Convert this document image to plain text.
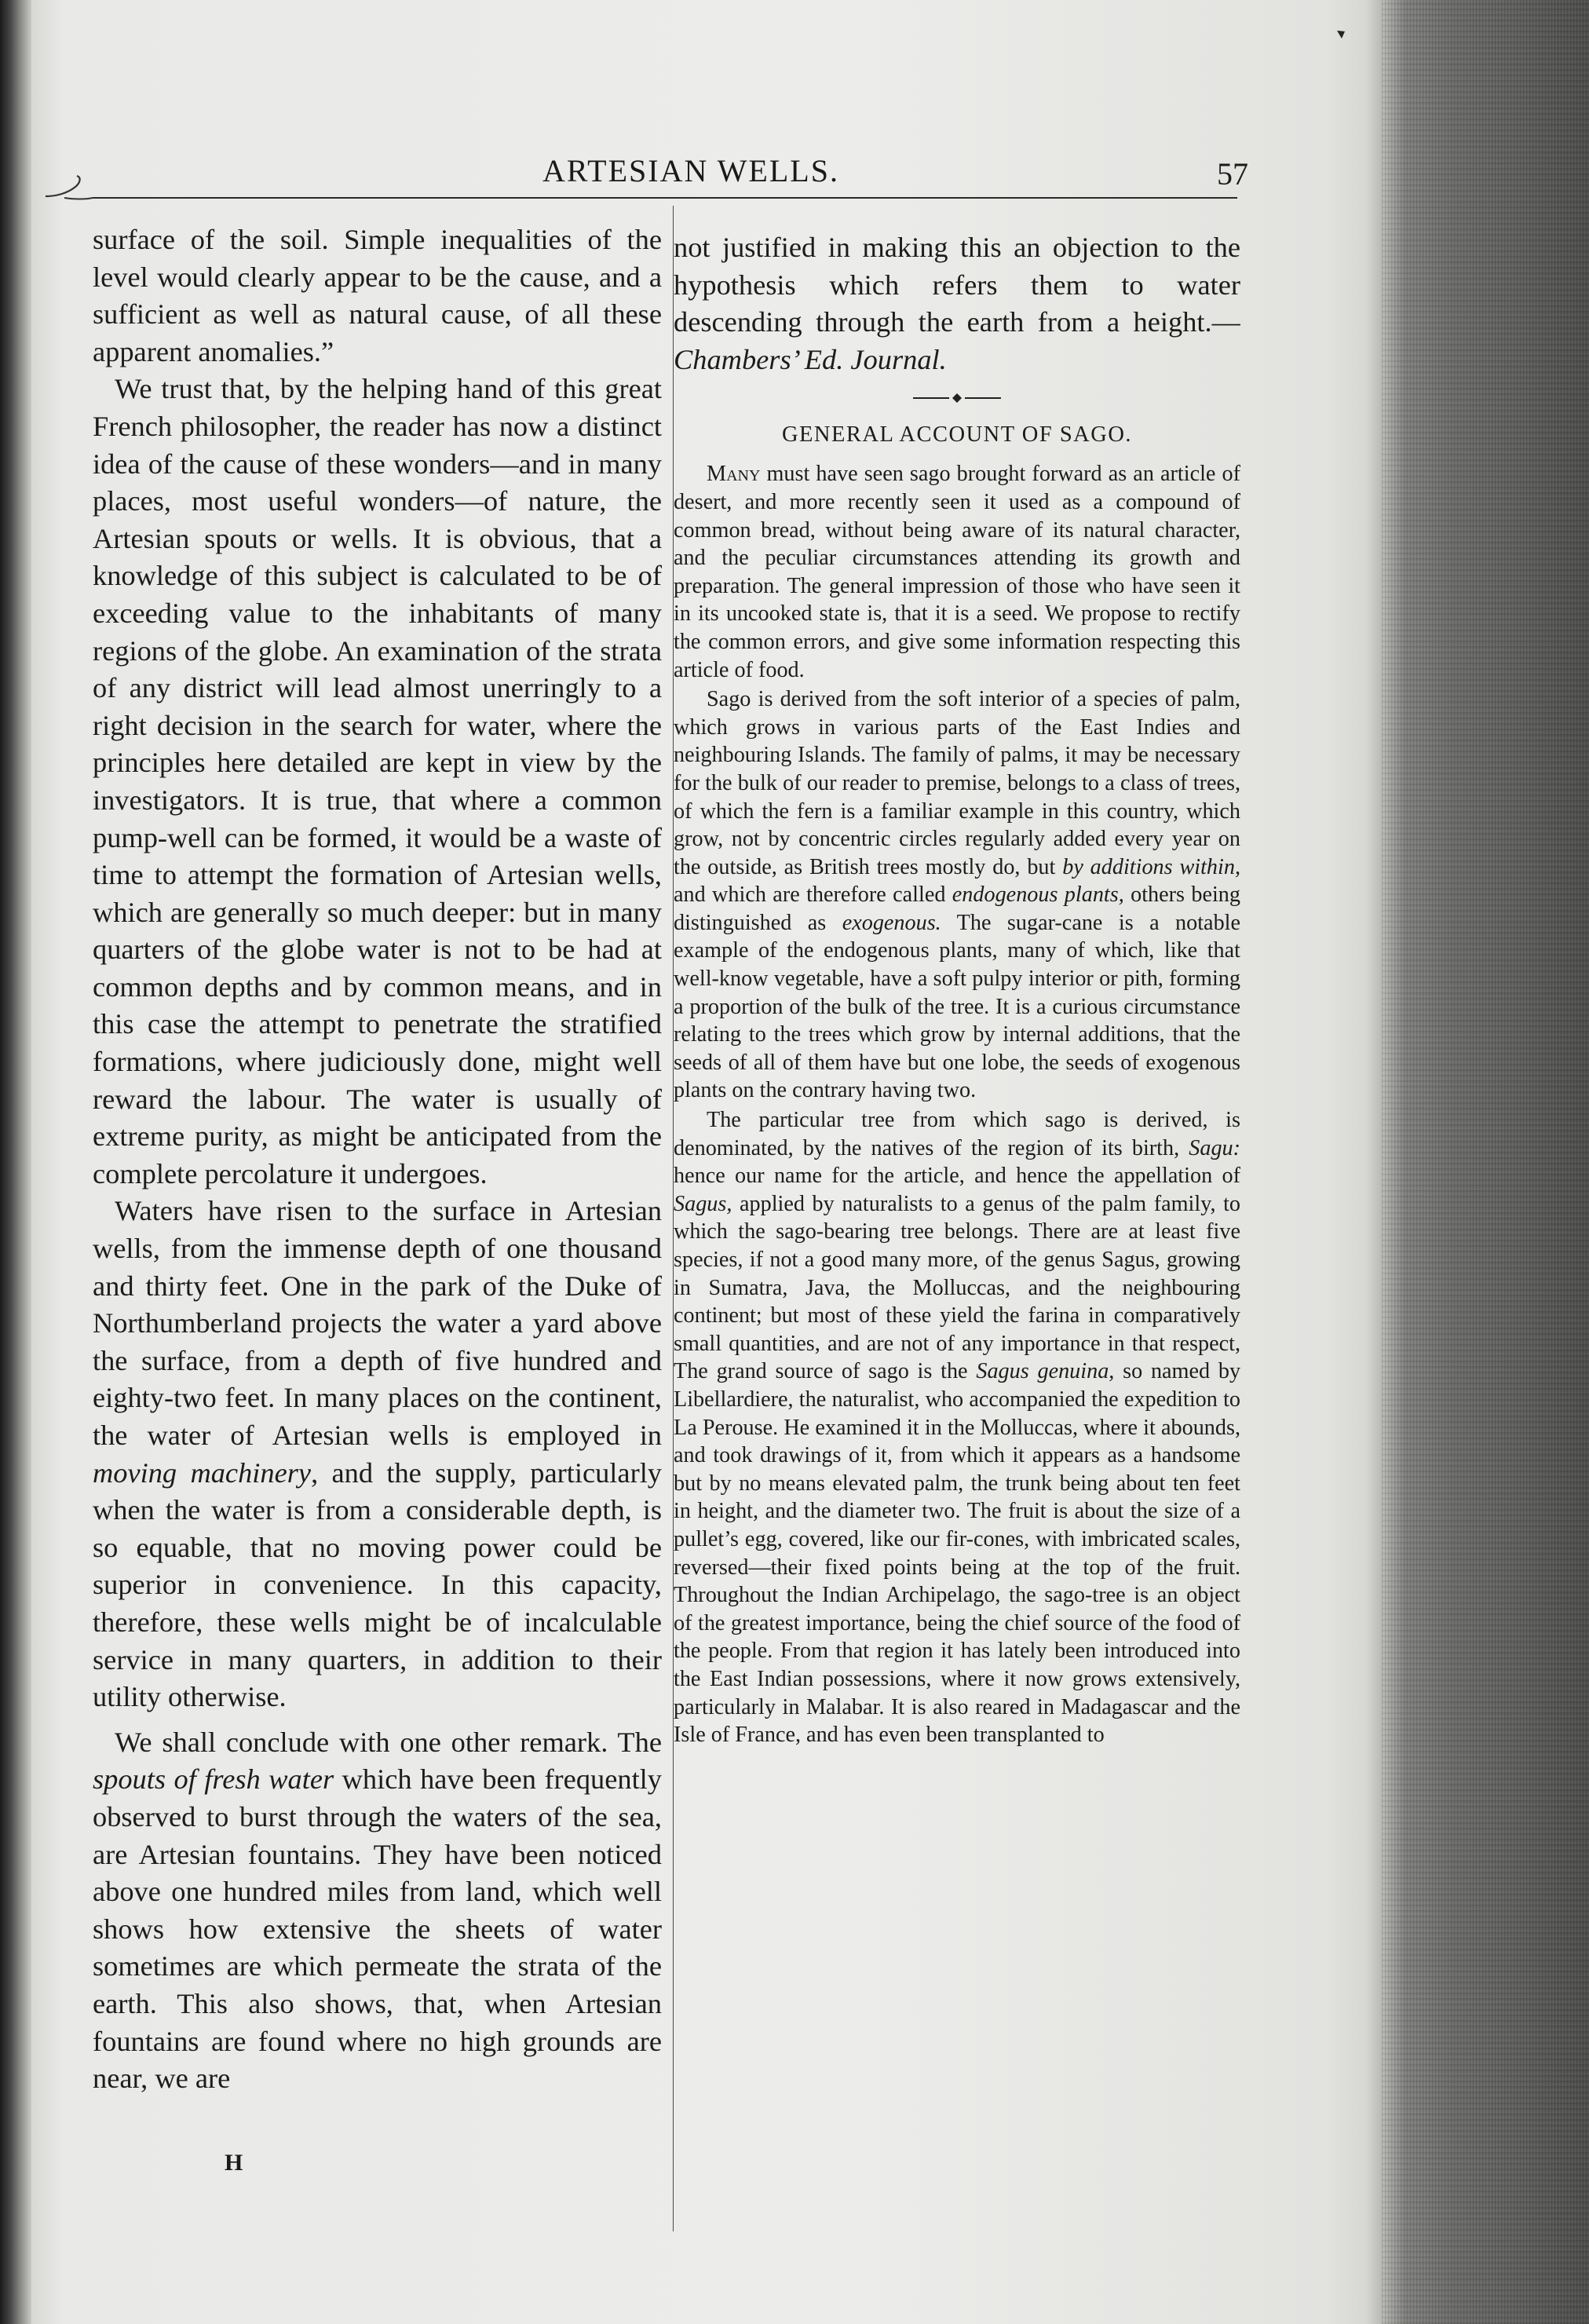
ARTESIAN WELLS.	57

surface of the soil. Simple inequalities of the level would clearly appear to be the cause, and a sufficient as well as natural cause, of all these apparent anomalies.”

We trust that, by the helping hand of this great French philosopher, the reader has now a distinct idea of the cause of these wonders—and in many places, most useful wonders—of nature, the Artesian spouts or wells. It is obvious, that a knowledge of this subject is calculated to be of exceeding value to the inhabitants of many regions of the globe. An examination of the strata of any district will lead almost unerringly to a right decision in the search for water, where the principles here detailed are kept in view by the investigators. It is true, that where a common pump-well can be formed, it would be a waste of time to attempt the formation of Artesian wells, which are generally so much deeper: but in many quarters of the globe water is not to be had at common depths and by common means, and in this case the attempt to penetrate the stratified formations, where judiciously done, might well reward the labour. The water is usually of extreme purity, as might be anticipated from the complete percolature it undergoes.

Waters have risen to the surface in Artesian wells, from the immense depth of one thousand and thirty feet. One in the park of the Duke of Northumberland projects the water a yard above the surface, from a depth of five hundred and eighty-two feet. In many places on the continent, the water of Artesian wells is employed in moving machinery, and the supply, particularly when the water is from a considerable depth, is so equable, that no moving power could be superior in convenience. In this capacity, therefore, these wells might be of incalculable service in many quarters, in addition to their utility otherwise.

We shall conclude with one other remark. The spouts of fresh water which have been frequently observed to burst through the waters of the sea, are Artesian fountains. They have been noticed above one hundred miles from land, which well shows how extensive the sheets of water sometimes are which permeate the strata of the earth. This also shows, that, when Artesian fountains are found where no high grounds are near, we are

H

not justified in making this an objection to the hypothesis which refers them to water descending through the earth from a height.—Chambers’ Ed. Journal.

GENERAL ACCOUNT OF SAGO.

Many must have seen sago brought forward as an article of desert, and more recently seen it used as a compound of common bread, without being aware of its natural character, and the peculiar circumstances attending its growth and preparation. The general impression of those who have seen it in its uncooked state is, that it is a seed. We propose to rectify the common errors, and give some information respecting this article of food.

Sago is derived from the soft interior of a species of palm, which grows in various parts of the East Indies and neighbouring Islands. The family of palms, it may be necessary for the bulk of our reader to premise, belongs to a class of trees, of which the fern is a familiar example in this country, which grow, not by concentric circles regularly added every year on the outside, as British trees mostly do, but by additions within, and which are therefore called endogenous plants, others being distinguished as exogenous. The sugar-cane is a notable example of the endogenous plants, many of which, like that well-know vegetable, have a soft pulpy interior or pith, forming a proportion of the bulk of the tree. It is a curious circumstance relating to the trees which grow by internal additions, that the seeds of all of them have but one lobe, the seeds of exogenous plants on the contrary having two.

The particular tree from which sago is derived, is denominated, by the natives of the region of its birth, Sagu: hence our name for the article, and hence the appellation of Sagus, applied by naturalists to a genus of the palm family, to which the sago-bearing tree belongs. There are at least five species, if not a good many more, of the genus Sagus, growing in Sumatra, Java, the Molluccas, and the neighbouring continent; but most of these yield the farina in comparatively small quantities, and are not of any importance in that respect, The grand source of sago is the Sagus genuina, so named by Libellardiere, the naturalist, who accompanied the expedition to La Perouse. He examined it in the Molluccas, where it abounds, and took drawings of it, from which it appears as a handsome but by no means elevated palm, the trunk being about ten feet in height, and the diameter two. The fruit is about the size of a pullet’s egg, covered, like our fir-cones, with imbricated scales, reversed—their fixed points being at the top of the fruit. Throughout the Indian Archipelago, the sago-tree is an object of the greatest importance, being the chief source of the food of the people. From that region it has lately been introduced into the East Indian possessions, where it now grows extensively, particularly in Malabar. It is also reared in Madagascar and the Isle of France, and has even been transplanted to
